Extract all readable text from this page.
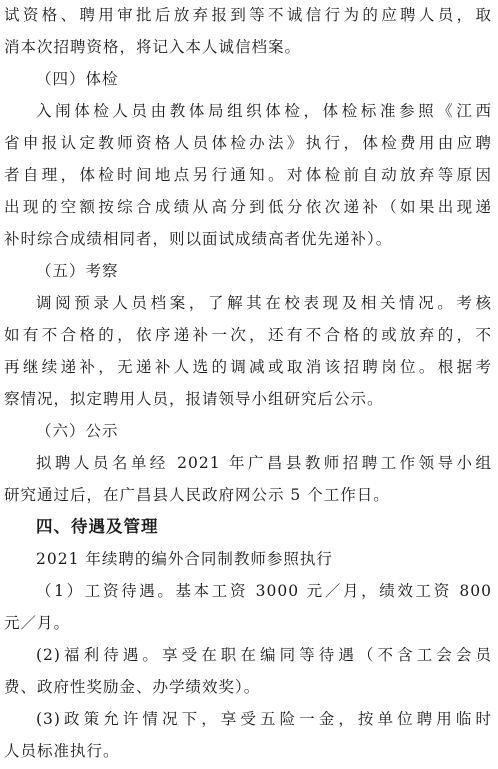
试资格、聘用审批后放弃报到等不诚信行为的应聘人员，取
消本次招聘资格，将记入本人诚信档案。
（四）体检
入闱体检人员由教体局组织体检，体检标准参照《江西
省申报认定教师资格人员体检办法》执行，体检费用由应聘
者自理，体检时间地点另行通知。对体检前自动放弃等原因
出现的空额按综合成绩从高分到低分依次递补（如果出现递
补时综合成绩相同者，则以面试成绩高者优先递补）。
（五）考察
调阅预录人员档案，了解其在校表现及相关情况。考核
如有不合格的，依序递补一次，还有不合格的或放弃的，不
再继续递补，无递补人选的调减或取消该招聘岗位。根据考
察情况，拟定聘用人员，报请领导小组研究后公示。
（六）公示
拟聘人员名单经 2021 年广昌县教师招聘工作领导小组
研究通过后，在广昌县人民政府网公示 5 个工作日。
四、待遇及管理
2021 年续聘的编外合同制教师参照执行
（1）工资待遇。基本工资 3000 元／月，绩效工资 800
元／月。
(2)福利待遇。享受在职在编同等待遇（不含工会会员
费、政府性奖励金、办学绩效奖）。
(3)政策允许情况下，享受五险一金，按单位聘用临时
人员标准执行。
